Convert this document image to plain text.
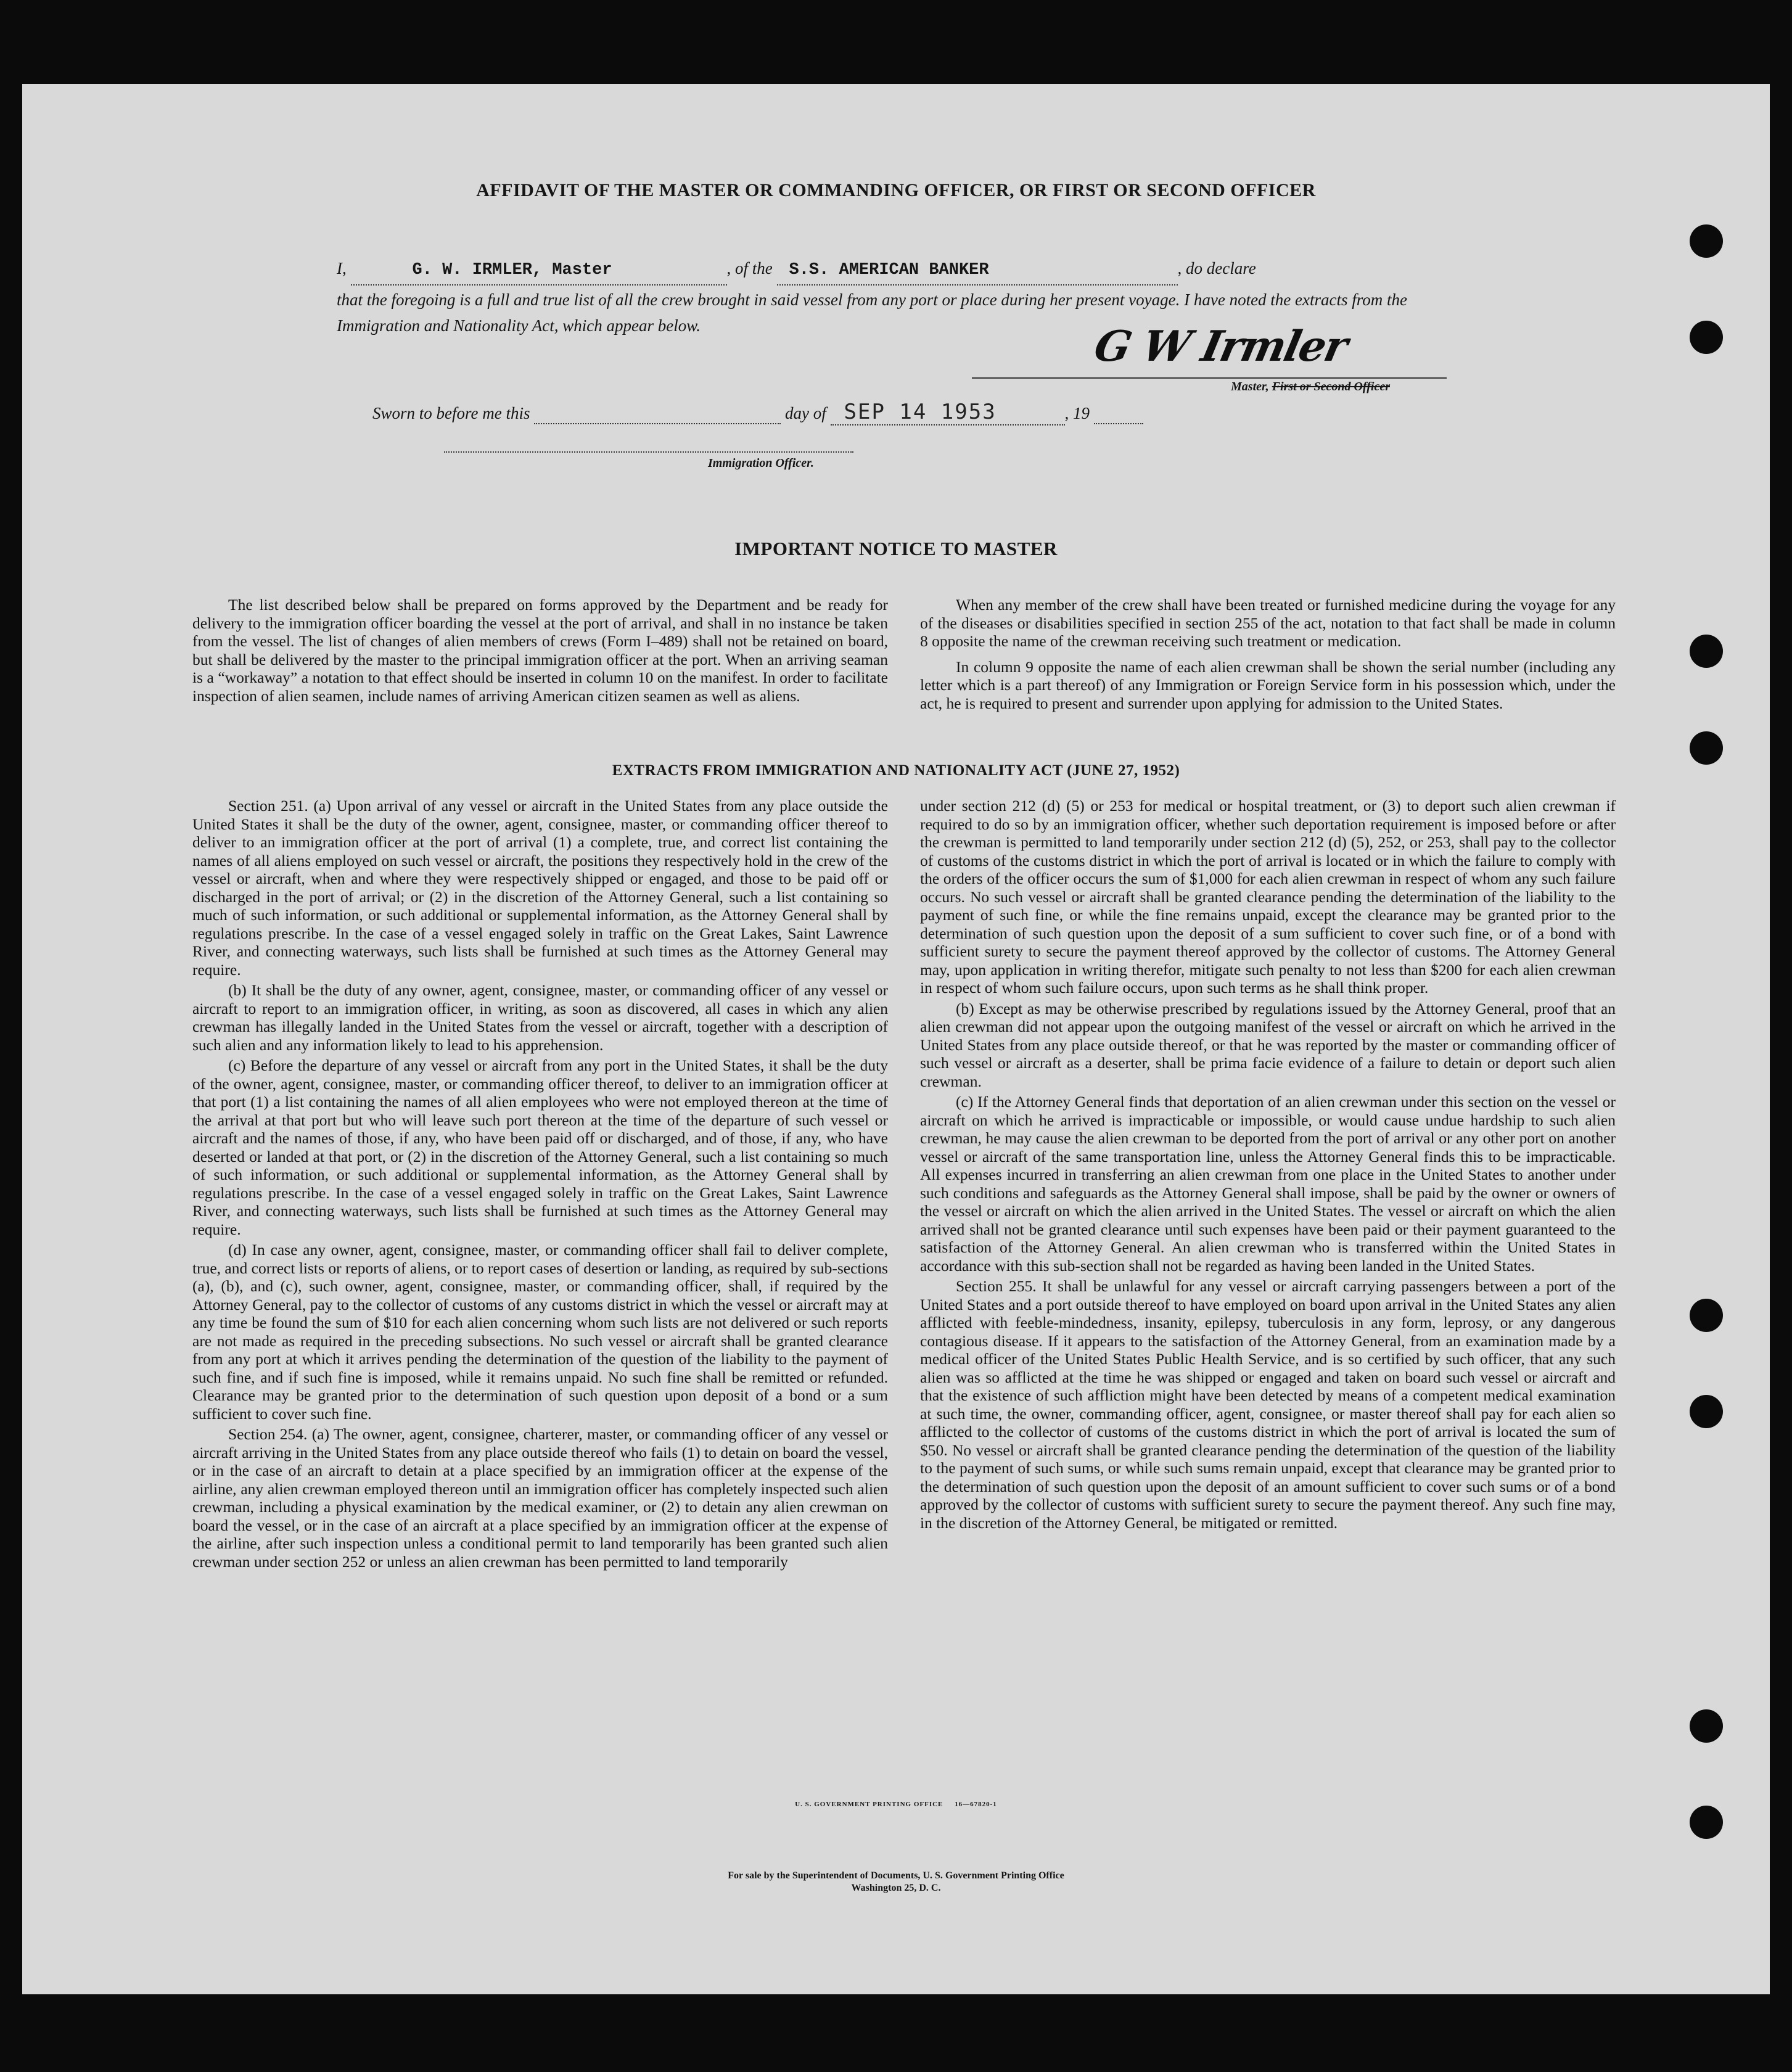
AFFIDAVIT OF THE MASTER OR COMMANDING OFFICER, OR FIRST OR SECOND OFFICER
I,	G. W. IRMLER, Master	, of the S.S. AMERICAN BANKER	, do declare
that the foregoing is a full and true list of all the crew brought in said vessel from any port or place during her present voyage. I have noted the extracts from the Immigration and Nationality Act, which appear below.	G W Irmler
Master, First or Second Officer
Sworn to before me this	day of SEP 14 1953	, 19
Immigration Officer.
IMPORTANT NOTICE TO MASTER

The list described below shall be prepared on forms approved by the Department and be ready for delivery to the immigration officer boarding the vessel at the port of arrival, and shall in no instance be taken from the vessel. The list of changes of alien members of crews (Form I–489) shall not be retained on board, but shall be delivered by the master to the principal immigration officer at the port. When an arriving seaman is a “workaway” a notation to that effect should be inserted in column 10 on the manifest. In order to facilitate inspection of alien seamen, include names of arriving American citizen seamen as well as aliens.

When any member of the crew shall have been treated or furnished medicine during the voyage for any of the diseases or disabilities specified in section 255 of the act, notation to that fact shall be made in column 8 opposite the name of the crewman receiving such treatment or medication.

In column 9 opposite the name of each alien crewman shall be shown the serial number (including any letter which is a part thereof) of any Immigration or Foreign Service form in his possession which, under the act, he is required to present and surrender upon applying for admission to the United States.

EXTRACTS FROM IMMIGRATION AND NATIONALITY ACT (JUNE 27, 1952)

Section 251. (a) Upon arrival of any vessel or aircraft in the United States from any place outside the United States it shall be the duty of the owner, agent, consignee, master, or commanding officer thereof to deliver to an immigration officer at the port of arrival (1) a complete, true, and correct list containing the names of all aliens employed on such vessel or aircraft, the positions they respectively hold in the crew of the vessel or aircraft, when and where they were respectively shipped or engaged, and those to be paid off or discharged in the port of arrival; or (2) in the discretion of the Attorney General, such a list containing so much of such information, or such additional or supplemental information, as the Attorney General shall by regulations prescribe. In the case of a vessel engaged solely in traffic on the Great Lakes, Saint Lawrence River, and connecting waterways, such lists shall be furnished at such times as the Attorney General may require.

(b) It shall be the duty of any owner, agent, consignee, master, or commanding officer of any vessel or aircraft to report to an immigration officer, in writing, as soon as discovered, all cases in which any alien crewman has illegally landed in the United States from the vessel or aircraft, together with a description of such alien and any information likely to lead to his apprehension.

(c) Before the departure of any vessel or aircraft from any port in the United States, it shall be the duty of the owner, agent, consignee, master, or commanding officer thereof, to deliver to an immigration officer at that port (1) a list containing the names of all alien employees who were not employed thereon at the time of the arrival at that port but who will leave such port thereon at the time of the departure of such vessel or aircraft and the names of those, if any, who have been paid off or discharged, and of those, if any, who have deserted or landed at that port, or (2) in the discretion of the Attorney General, such a list containing so much of such information, or such additional or supplemental information, as the Attorney General shall by regulations prescribe. In the case of a vessel engaged solely in traffic on the Great Lakes, Saint Lawrence River, and connecting waterways, such lists shall be furnished at such times as the Attorney General may require.

(d) In case any owner, agent, consignee, master, or commanding officer shall fail to deliver complete, true, and correct lists or reports of aliens, or to report cases of desertion or landing, as required by sub-sections (a), (b), and (c), such owner, agent, consignee, master, or commanding officer, shall, if required by the Attorney General, pay to the collector of customs of any customs district in which the vessel or aircraft may at any time be found the sum of $10 for each alien concerning whom such lists are not delivered or such reports are not made as required in the preceding subsections. No such vessel or aircraft shall be granted clearance from any port at which it arrives pending the determination of the question of the liability to the payment of such fine, and if such fine is imposed, while it remains unpaid. No such fine shall be remitted or refunded. Clearance may be granted prior to the determination of such question upon deposit of a bond or a sum sufficient to cover such fine.

Section 254. (a) The owner, agent, consignee, charterer, master, or commanding officer of any vessel or aircraft arriving in the United States from any place outside thereof who fails (1) to detain on board the vessel, or in the case of an aircraft to detain at a place specified by an immigration officer at the expense of the airline, any alien crewman employed thereon until an immigration officer has completely inspected such alien crewman, including a physical examination by the medical examiner, or (2) to detain any alien crewman on board the vessel, or in the case of an aircraft at a place specified by an immigration officer at the expense of the airline, after such inspection unless a conditional permit to land temporarily has been granted such alien crewman under section 252 or unless an alien crewman has been permitted to land temporarily

under section 212 (d) (5) or 253 for medical or hospital treatment, or (3) to deport such alien crewman if required to do so by an immigration officer, whether such deportation requirement is imposed before or after the crewman is permitted to land temporarily under section 212 (d) (5), 252, or 253, shall pay to the collector of customs of the customs district in which the port of arrival is located or in which the failure to comply with the orders of the officer occurs the sum of $1,000 for each alien crewman in respect of whom any such failure occurs. No such vessel or aircraft shall be granted clearance pending the determination of the liability to the payment of such fine, or while the fine remains unpaid, except the clearance may be granted prior to the determination of such question upon the deposit of a sum sufficient to cover such fine, or of a bond with sufficient surety to secure the payment thereof approved by the collector of customs. The Attorney General may, upon application in writing therefor, mitigate such penalty to not less than $200 for each alien crewman in respect of whom such failure occurs, upon such terms as he shall think proper.

(b) Except as may be otherwise prescribed by regulations issued by the Attorney General, proof that an alien crewman did not appear upon the outgoing manifest of the vessel or aircraft on which he arrived in the United States from any place outside thereof, or that he was reported by the master or commanding officer of such vessel or aircraft as a deserter, shall be prima facie evidence of a failure to detain or deport such alien crewman.

(c) If the Attorney General finds that deportation of an alien crewman under this section on the vessel or aircraft on which he arrived is impracticable or impossible, or would cause undue hardship to such alien crewman, he may cause the alien crewman to be deported from the port of arrival or any other port on another vessel or aircraft of the same transportation line, unless the Attorney General finds this to be impracticable. All expenses incurred in transferring an alien crewman from one place in the United States to another under such conditions and safeguards as the Attorney General shall impose, shall be paid by the owner or owners of the vessel or aircraft on which the alien arrived in the United States. The vessel or aircraft on which the alien arrived shall not be granted clearance until such expenses have been paid or their payment guaranteed to the satisfaction of the Attorney General. An alien crewman who is transferred within the United States in accordance with this sub-section shall not be regarded as having been landed in the United States.

Section 255. It shall be unlawful for any vessel or aircraft carrying passengers between a port of the United States and a port outside thereof to have employed on board upon arrival in the United States any alien afflicted with feeble-mindedness, insanity, epilepsy, tuberculosis in any form, leprosy, or any dangerous contagious disease. If it appears to the satisfaction of the Attorney General, from an examination made by a medical officer of the United States Public Health Service, and is so certified by such officer, that any such alien was so afflicted at the time he was shipped or engaged and taken on board such vessel or aircraft and that the existence of such affliction might have been detected by means of a competent medical examination at such time, the owner, commanding officer, agent, consignee, or master thereof shall pay for each alien so afflicted to the collector of customs of the customs district in which the port of arrival is located the sum of $50. No vessel or aircraft shall be granted clearance pending the determination of the question of the liability to the payment of such sums, or while such sums remain unpaid, except that clearance may be granted prior to the determination of such question upon the deposit of an amount sufficient to cover such sums or of a bond approved by the collector of customs with sufficient surety to secure the payment thereof. Any such fine may, in the discretion of the Attorney General, be mitigated or remitted.

U. S. GOVERNMENT PRINTING OFFICE     16—67820-1
For sale by the Superintendent of Documents, U. S. Government Printing Office
Washington 25, D. C.
